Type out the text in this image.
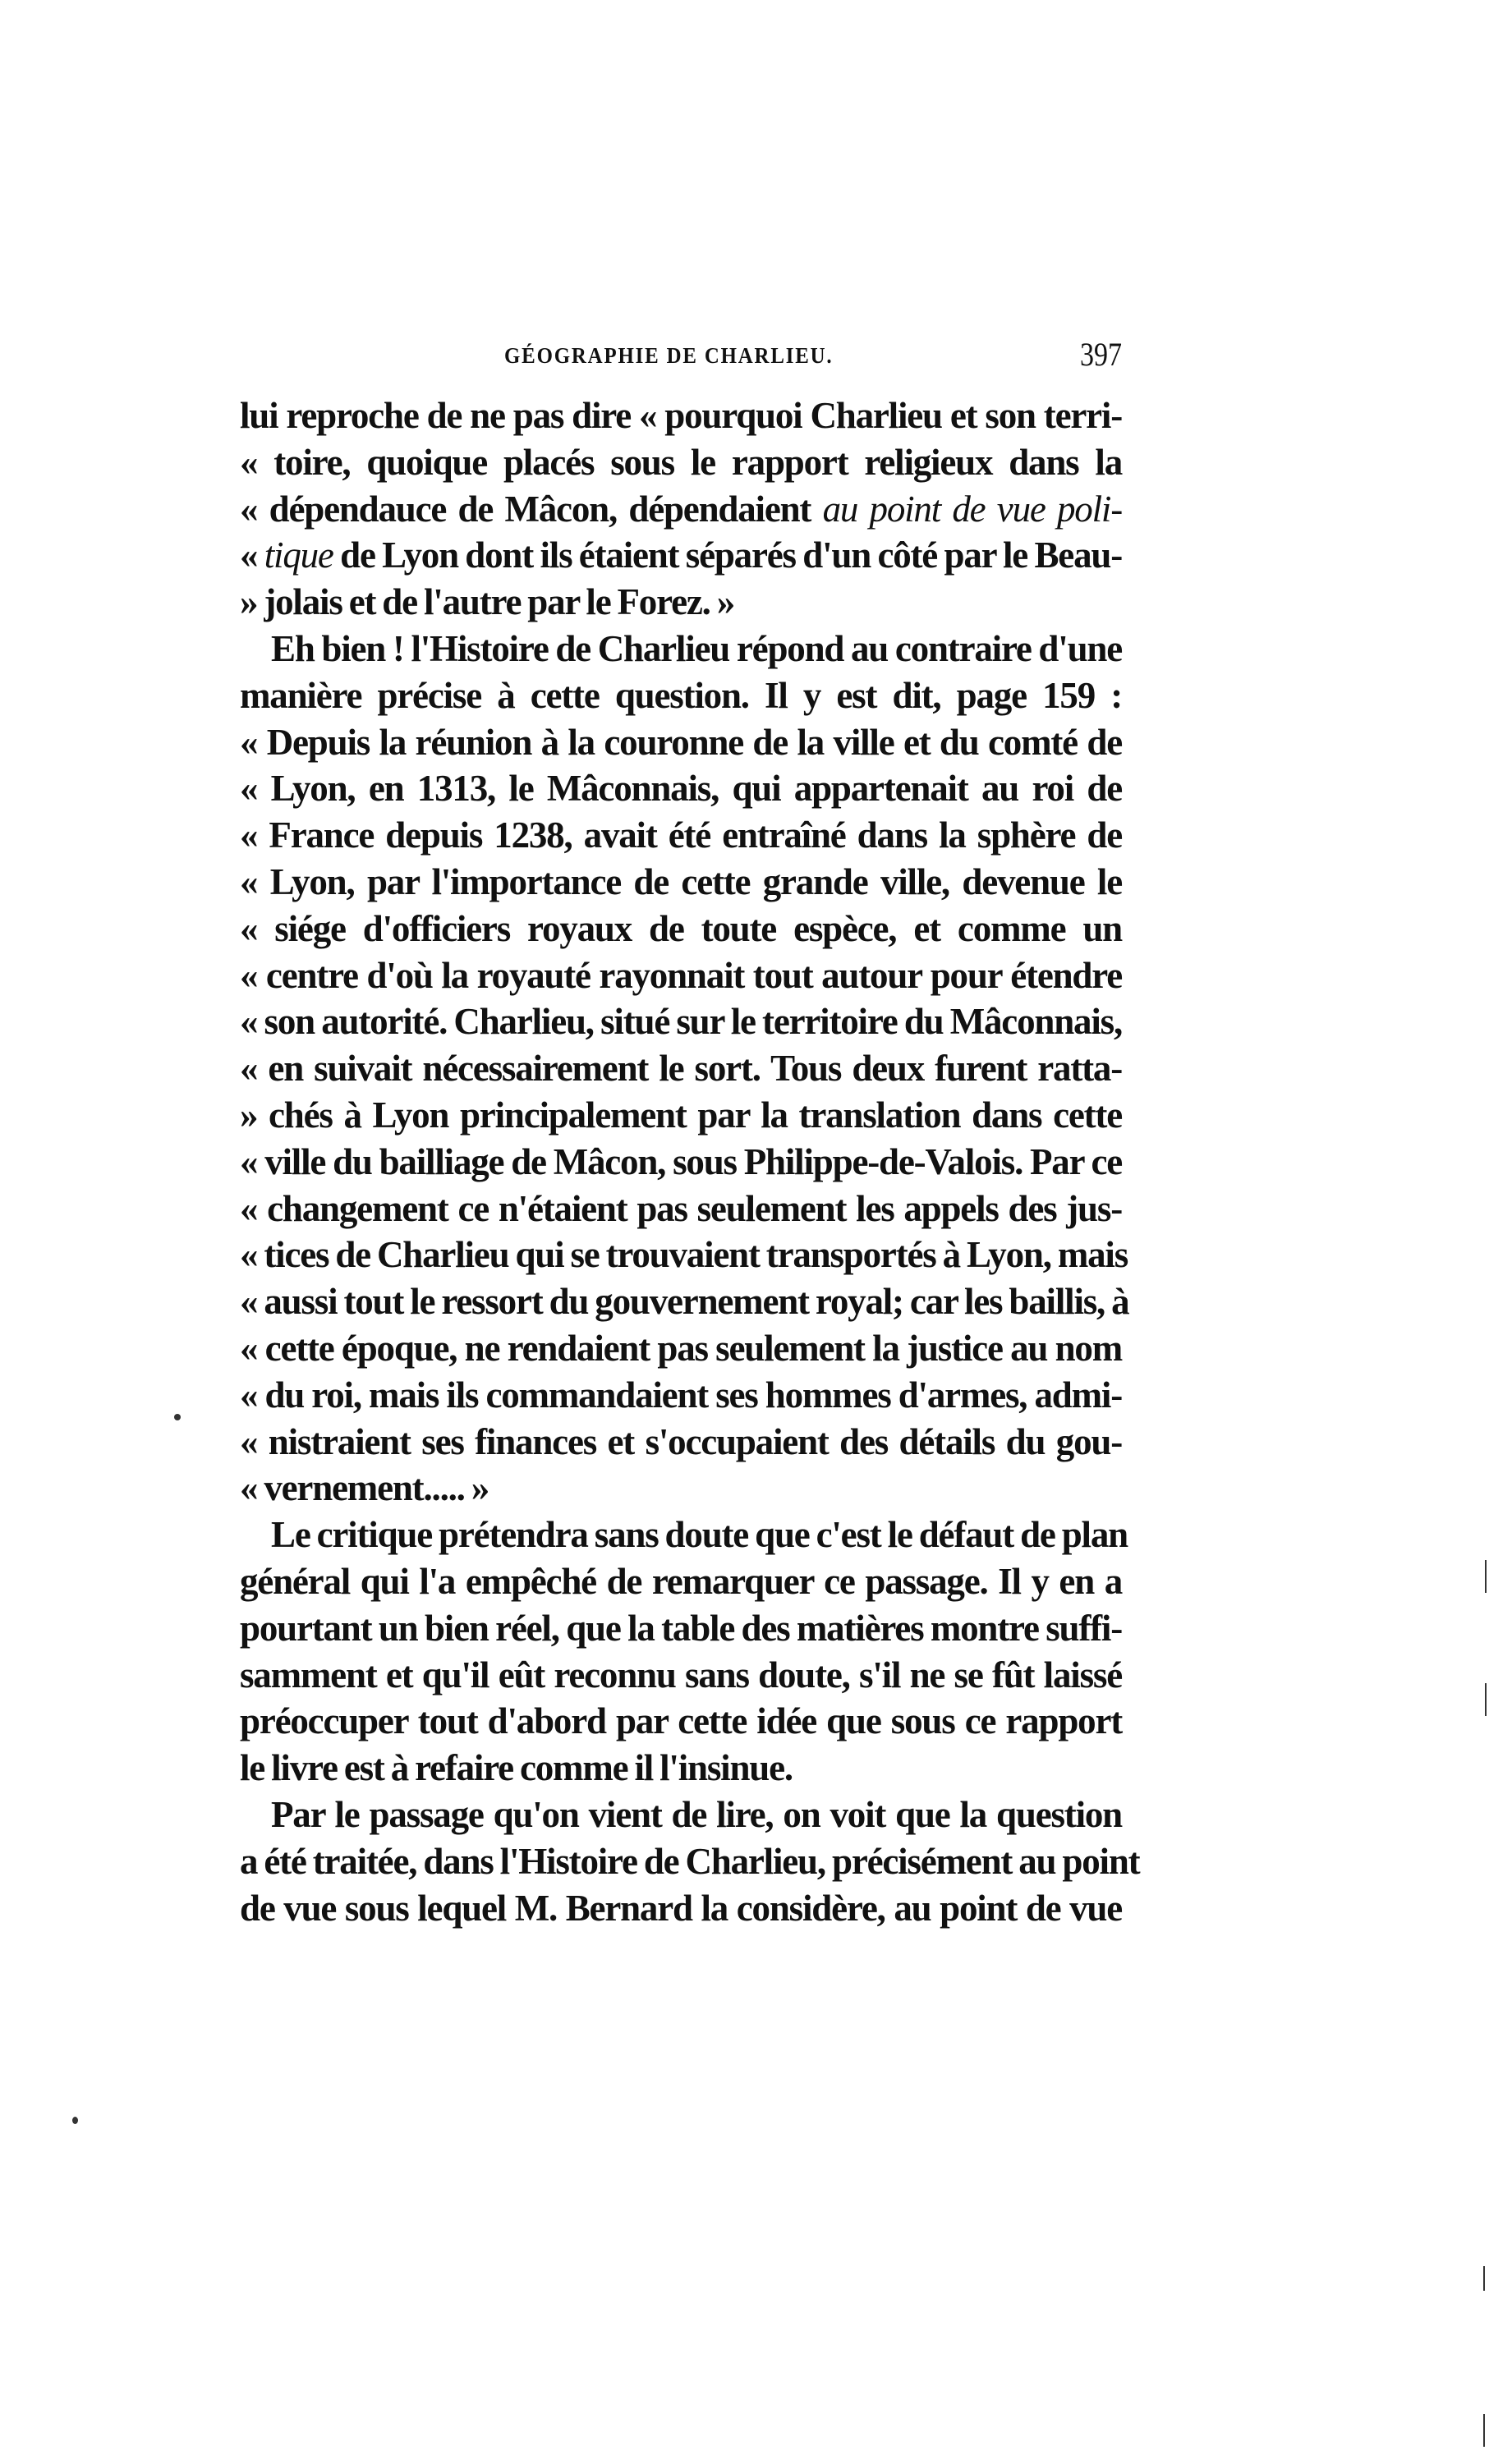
GÉOGRAPHIE DE CHARLIEU.	397
lui reproche de ne pas dire « pourquoi Charlieu et son terri-
« toire, quoique placés sous le rapport religieux dans la
« dépendauce de Mâcon, dépendaient au point de vue poli-
« tique de Lyon dont ils étaient séparés d'un côté par le Beau-
» jolais et de l'autre par le Forez. »
Eh bien ! l'Histoire de Charlieu répond au contraire d'une
manière précise à cette question. Il y est dit, page 159 :
« Depuis la réunion à la couronne de la ville et du comté de
« Lyon, en 1313, le Mâconnais, qui appartenait au roi de
« France depuis 1238, avait été entraîné dans la sphère de
« Lyon, par l'importance de cette grande ville, devenue le
« siége d'officiers royaux de toute espèce, et comme un
« centre d'où la royauté rayonnait tout autour pour étendre
« son autorité. Charlieu, situé sur le territoire du Mâconnais,
« en suivait nécessairement le sort. Tous deux furent ratta-
» chés à Lyon principalement par la translation dans cette
« ville du bailliage de Mâcon, sous Philippe-de-Valois. Par ce
« changement ce n'étaient pas seulement les appels des jus-
« tices de Charlieu qui se trouvaient transportés à Lyon, mais
« aussi tout le ressort du gouvernement royal; car les baillis, à
« cette époque, ne rendaient pas seulement la justice au nom
« du roi, mais ils commandaient ses hommes d'armes, admi-
« nistraient ses finances et s'occupaient des détails du gou-
« vernement..... »
Le critique prétendra sans doute que c'est le défaut de plan
général qui l'a empêché de remarquer ce passage. Il y en a
pourtant un bien réel, que la table des matières montre suffi-
samment et qu'il eût reconnu sans doute, s'il ne se fût laissé
préoccuper tout d'abord par cette idée que sous ce rapport
le livre est à refaire comme il l'insinue.
Par le passage qu'on vient de lire, on voit que la question
a été traitée, dans l'Histoire de Charlieu, précisément au point
de vue sous lequel M. Bernard la considère, au point de vue
